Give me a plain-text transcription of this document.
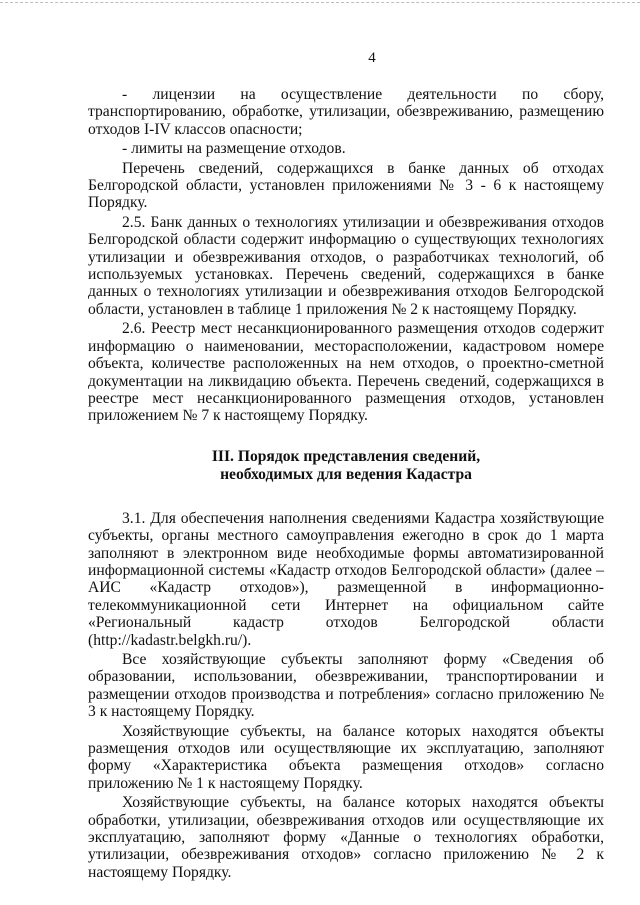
4

- лицензии на осуществление деятельности по сбору, транспортированию, обработке, утилизации, обезвреживанию, размещению отходов I-IV классов опасности;

- лимиты на размещение отходов.

Перечень сведений, содержащихся в банке данных об отходах Белгородской области, установлен приложениями № 3 - 6 к настоящему Порядку.

2.5. Банк данных о технологиях утилизации и обезвреживания отходов Белгородской области содержит информацию о существующих технологиях утилизации и обезвреживания отходов, о разработчиках технологий, об используемых установках. Перечень сведений, содержащихся в банке данных о технологиях утилизации и обезвреживания отходов Белгородской области, установлен в таблице 1 приложения № 2 к настоящему Порядку.

2.6. Реестр мест несанкционированного размещения отходов содержит информацию о наименовании, месторасположении, кадастровом номере объекта, количестве расположенных на нем отходов, о проектно-сметной документации на ликвидацию объекта. Перечень сведений, содержащихся в реестре мест несанкционированного размещения отходов, установлен приложением № 7 к настоящему Порядку.

III. Порядок представления сведений,
необходимых для ведения Кадастра

3.1. Для обеспечения наполнения сведениями Кадастра хозяйствующие субъекты, органы местного самоуправления ежегодно в срок до 1 марта заполняют в электронном виде необходимые формы автоматизированной информационной системы «Кадастр отходов Белгородской области» (далее – АИС «Кадастр отходов»), размещенной в информационно-телекоммуникационной сети Интернет на официальном сайте «Региональный кадастр отходов Белгородской области (http://kadastr.belgkh.ru/).

Все хозяйствующие субъекты заполняют форму «Сведения об образовании, использовании, обезвреживании, транспортировании и размещении отходов производства и потребления» согласно приложению № 3 к настоящему Порядку.

Хозяйствующие субъекты, на балансе которых находятся объекты размещения отходов или осуществляющие их эксплуатацию, заполняют форму «Характеристика объекта размещения отходов» согласно приложению № 1 к настоящему Порядку.

Хозяйствующие субъекты, на балансе которых находятся объекты обработки, утилизации, обезвреживания отходов или осуществляющие их эксплуатацию, заполняют форму «Данные о технологиях обработки, утилизации, обезвреживания отходов» согласно приложению № 2 к настоящему Порядку.
